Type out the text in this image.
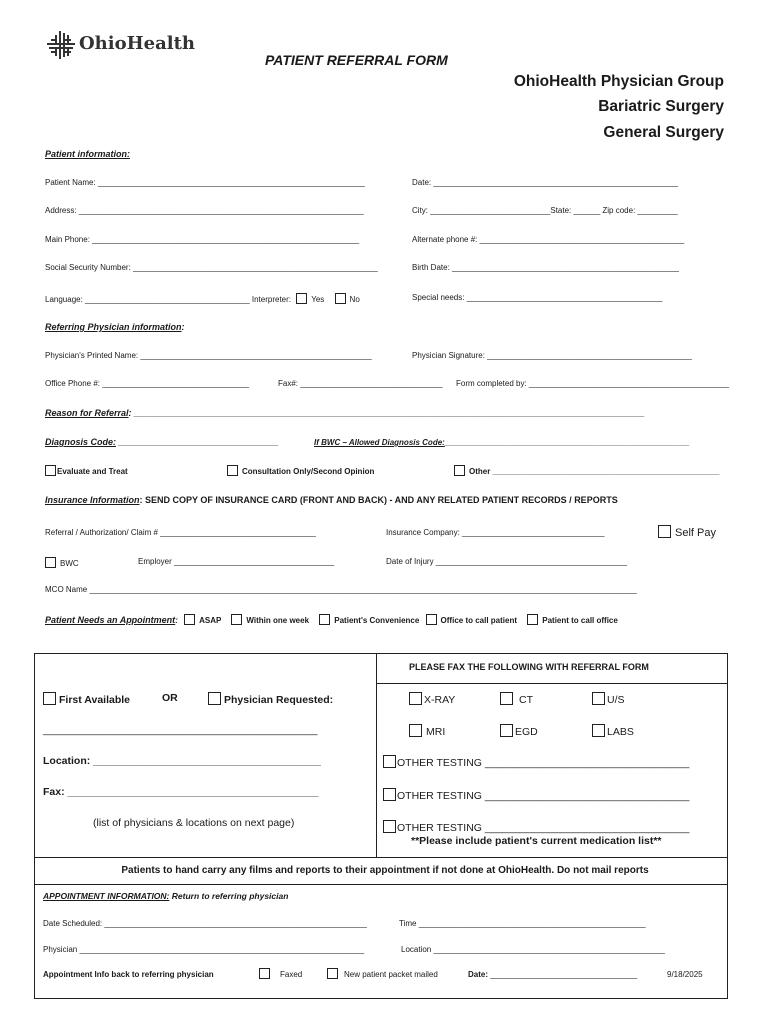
OhioHealth
PATIENT REFERRAL FORM
OhioHealth Physician Group
Bariatric Surgery
General Surgery
Patient information:
Patient Name: ____________________________________________________________	Date: _______________________________________________________
Address: ________________________________________________________________	City: ___________________________State: ______ Zip code: _________
Main Phone: ____________________________________________________________	Alternate phone #: ______________________________________________
Social Security Number: _______________________________________________________	Birth Date: ___________________________________________________
Language: _____________________________________ Interpreter:	Yes	No	Special needs: ____________________________________________
Referring Physician information:
Physician's Printed Name: ____________________________________________________	Physician Signature: ______________________________________________
Office Phone #: _________________________________	Fax#: ________________________________ Form completed by: _____________________________________________
Reason for Referral: ______________________________________________________________________________________________________
Diagnosis Code: ________________________________	If BWC – Allowed Diagnosis Code:_______________________________________________________
Evaluate and Treat	Consultation Only/Second Opinion	Other ___________________________________________________
Insurance Information: SEND COPY OF INSURANCE CARD (FRONT AND BACK) - AND ANY RELATED PATIENT RECORDS / REPORTS
Referral / Authorization/ Claim # ___________________________________	Insurance Company: ________________________________	Self Pay
BWC	Employer ____________________________________	Date of Injury ___________________________________________
MCO Name ___________________________________________________________________________________________________________________________
Patient Needs an Appointment:	ASAP	Within one week	Patient's Convenience	Office to call patient	Patient to call office
First Available	OR	Physician Requested:
_______________________________________________
Location: _______________________________________
Fax: ___________________________________________
(list of physicians & locations on next page)
PLEASE FAX THE FOLLOWING WITH REFERRAL FORM
X-RAY	CT	U/S
MRI	EGD	LABS
OTHER TESTING ___________________________________
OTHER TESTING ___________________________________
OTHER TESTING ___________________________________
**Please include patient's current medication list**
Patients to hand carry any films and reports to their appointment if not done at OhioHealth. Do not mail reports
APPOINTMENT INFORMATION: Return to referring physician
Date Scheduled: ___________________________________________________________	Time ___________________________________________________
Physician ________________________________________________________________	Location ____________________________________________________
Appointment Info back to referring physician	Faxed	New patient packet mailed	Date: _________________________________	9/18/2025
